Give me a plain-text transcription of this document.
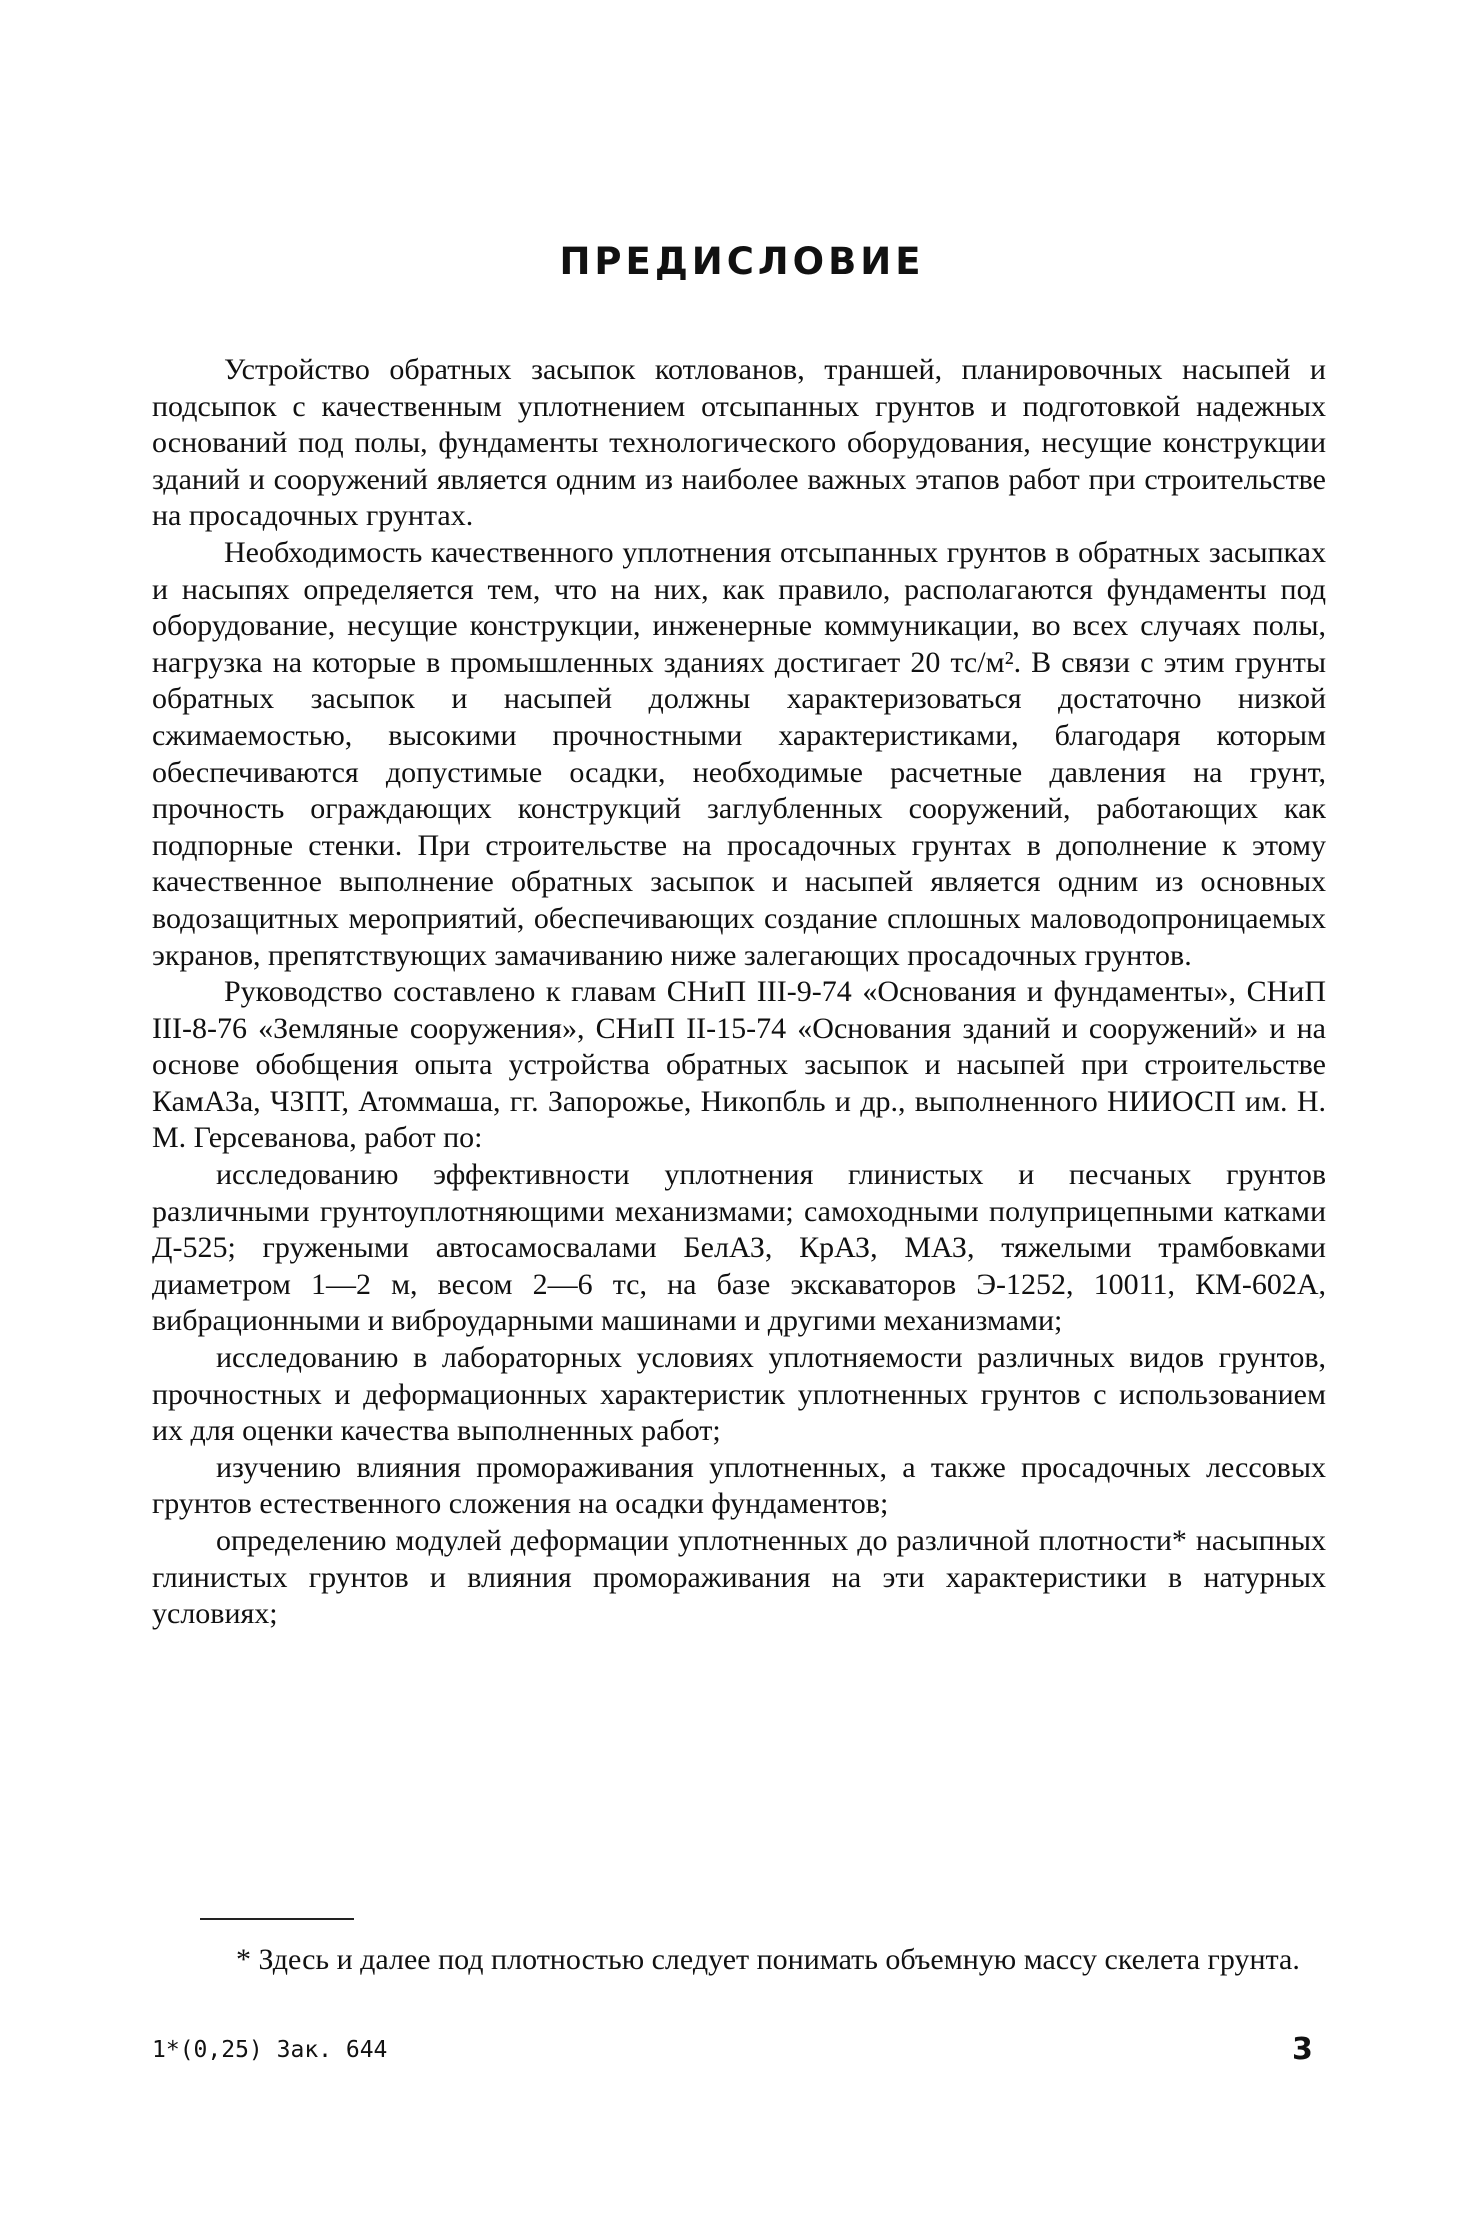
ПРЕДИСЛОВИЕ

Устройство обратных засыпок котлованов, траншей, планировочных насыпей и подсыпок с качественным уплотнением отсыпанных грунтов и подготовкой надежных оснований под полы, фундаменты технологического оборудования, несущие конструкции зданий и сооружений является одним из наиболее важных этапов работ при строительстве на просадочных грунтах.

Необходимость качественного уплотнения отсыпанных грунтов в обратных засыпках и насыпях определяется тем, что на них, как правило, располагаются фундаменты под оборудование, несущие конструкции, инженерные коммуникации, во всех случаях полы, нагрузка на которые в промышленных зданиях достигает 20 тс/м². В связи с этим грунты обратных засыпок и насыпей должны характеризоваться достаточно низкой сжимаемостью, высокими прочностными характеристиками, благодаря которым обеспечиваются допустимые осадки, необходимые расчетные давления на грунт, прочность ограждающих конструкций заглубленных сооружений, работающих как подпорные стенки. При строительстве на просадочных грунтах в дополнение к этому качественное выполнение обратных засыпок и насыпей является одним из основных водозащитных мероприятий, обеспечивающих создание сплошных маловодопроницаемых экранов, препятствующих замачиванию ниже залегающих просадочных грунтов.

Руководство составлено к главам СНиП III-9-74 «Основания и фундаменты», СНиП III-8-76 «Земляные сооружения», СНиП II-15-74 «Основания зданий и сооружений» и на основе обобщения опыта устройства обратных засыпок и насыпей при строительстве КамАЗа, ЧЗПТ, Атоммаша, гг. Запорожье, Никопбль и др., выполненного НИИОСП им. Н. М. Герсеванова, работ по:

исследованию эффективности уплотнения глинистых и песчаных грунтов различными грунтоуплотняющими механизмами; самоходными полуприцепными катками Д-525; гружеными автосамосвалами БелАЗ, КрАЗ, МАЗ, тяжелыми трамбовками диаметром 1—2 м, весом 2—6 тс, на базе экскаваторов Э-1252, 10011, КМ-602А, вибрационными и виброударными машинами и другими механизмами;

исследованию в лабораторных условиях уплотняемости различных видов грунтов, прочностных и деформационных характеристик уплотненных грунтов с использованием их для оценки качества выполненных работ;

изучению влияния промораживания уплотненных, а также просадочных лессовых грунтов естественного сложения на осадки фундаментов;

определению модулей деформации уплотненных до различной плотности* насыпных глинистых грунтов и влияния промораживания на эти характеристики в натурных условиях;

* Здесь и далее под плотностью следует понимать объемную массу скелета грунта.

1*(0,25) Зак. 644	3
